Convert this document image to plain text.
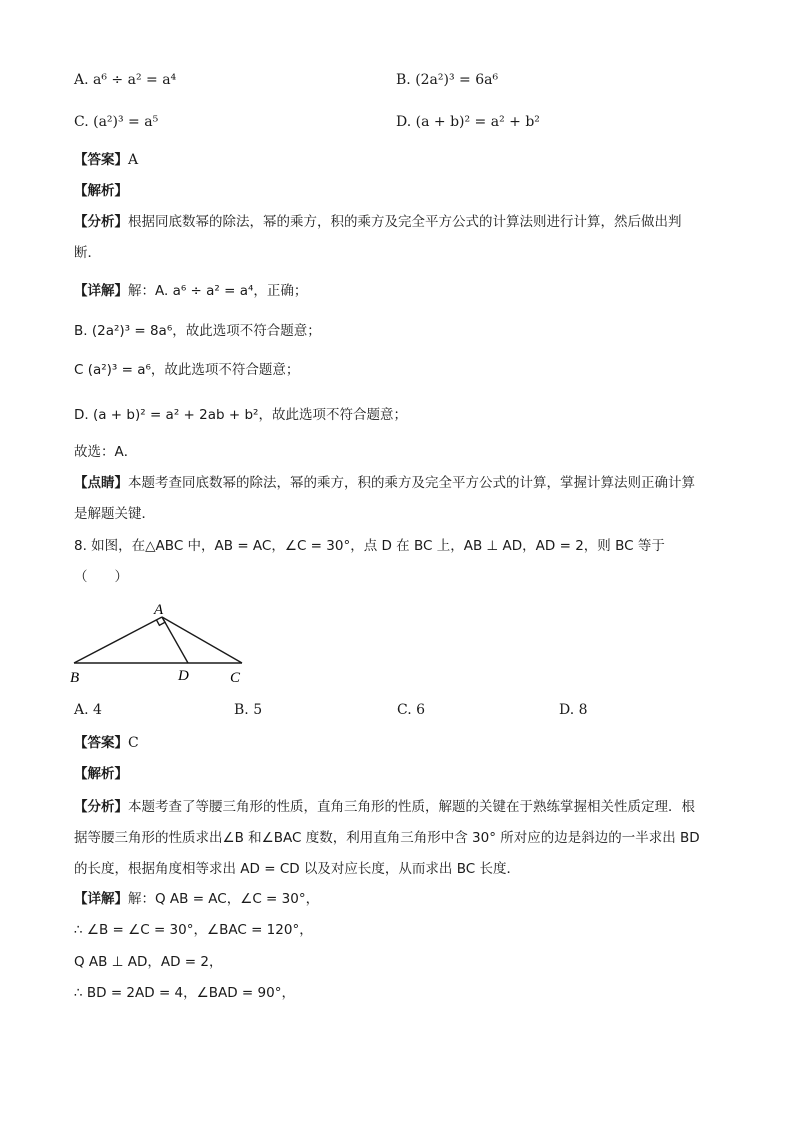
A. a⁶ ÷ a² = a⁴	B. (2a²)³ = 6a⁶
C. (a²)³ = a⁵	D. (a + b)² = a² + b²
【答案】A
【解析】
【分析】根据同底数幂的除法，幂的乘方，积的乘方及完全平方公式的计算法则进行计算，然后做出判
断．
【详解】解：A. a⁶ ÷ a² = a⁴，正确；
B. (2a²)³ = 8a⁶，故此选项不符合题意；
C (a²)³ = a⁶，故此选项不符合题意；
D. (a + b)² = a² + 2ab + b²，故此选项不符合题意；
故选：A．
【点睛】本题考查同底数幂的除法，幂的乘方，积的乘方及完全平方公式的计算，掌握计算法则正确计算
是解题关键．
8. 如图，在△ABC 中，AB = AC，∠C = 30°，点 D 在 BC 上，AB ⊥ AD，AD = 2，则 BC 等于
（　　）
A
B	D	C
A. 4	B. 5	C. 6	D. 8
【答案】C
【解析】
【分析】本题考查了等腰三角形的性质，直角三角形的性质，解题的关键在于熟练掌握相关性质定理．根
据等腰三角形的性质求出∠B 和∠BAC 度数，利用直角三角形中含 30° 所对应的边是斜边的一半求出 BD
的长度，根据角度相等求出 AD = CD 以及对应长度，从而求出 BC 长度．
【详解】解：Q AB = AC，∠C = 30°，
∴ ∠B = ∠C = 30°，∠BAC = 120°，
Q AB ⊥ AD，AD = 2，
∴ BD = 2AD = 4，∠BAD = 90°，
